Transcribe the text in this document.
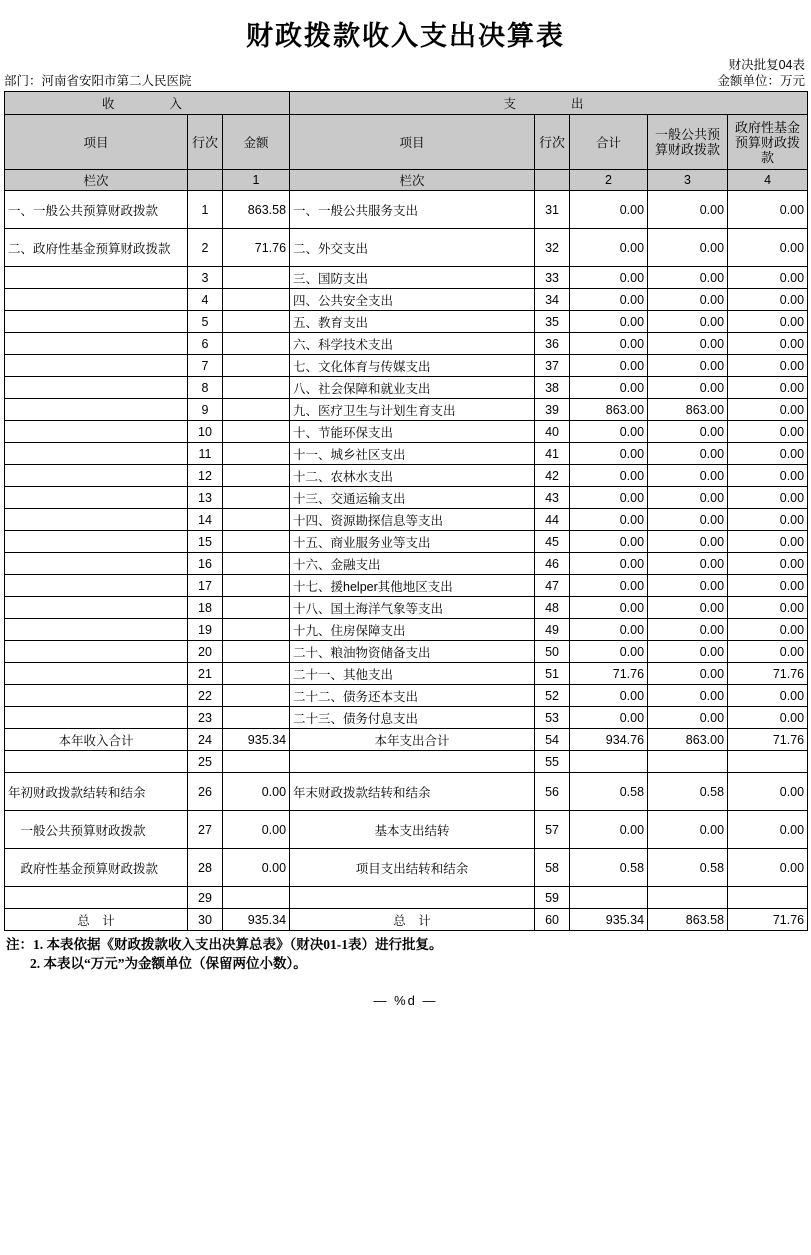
财政拨款收入支出决算表
财决批复04表
部门：河南省安阳市第二人民医院	金额单位：万元
收　　入			支　　出				
项目	行次	金额	项目	行次	合计	一般公共预算财政拨款	政府性基金预算财政拨款
栏次		1	栏次		2	3	4
一、一般公共预算财政拨款	1	863.58	一、一般公共服务支出	31	0.00	0.00	0.00
二、政府性基金预算财政拨款	2	71.76	二、外交支出	32	0.00	0.00	0.00
	3		三、国防支出	33	0.00	0.00	0.00
	4		四、公共安全支出	34	0.00	0.00	0.00
	5		五、教育支出	35	0.00	0.00	0.00
	6		六、科学技术支出	36	0.00	0.00	0.00
	7		七、文化体育与传媒支出	37	0.00	0.00	0.00
	8		八、社会保障和就业支出	38	0.00	0.00	0.00
	9		九、医疗卫生与计划生育支出	39	863.00	863.00	0.00
	10		十、节能环保支出	40	0.00	0.00	0.00
	11		十一、城乡社区支出	41	0.00	0.00	0.00
	12		十二、农林水支出	42	0.00	0.00	0.00
	13		十三、交通运输支出	43	0.00	0.00	0.00
	14		十四、资源勘探信息等支出	44	0.00	0.00	0.00
	15		十五、商业服务业等支出	45	0.00	0.00	0.00
	16		十六、金融支出	46	0.00	0.00	0.00
	17		十七、援helper其他地区支出	47	0.00	0.00	0.00
	18		十八、国土海洋气象等支出	48	0.00	0.00	0.00
	19		十九、住房保障支出	49	0.00	0.00	0.00
	20		二十、粮油物资储备支出	50	0.00	0.00	0.00
	21		二十一、其他支出	51	71.76	0.00	71.76
	22		二十二、债务还本支出	52	0.00	0.00	0.00
	23		二十三、债务付息支出	53	0.00	0.00	0.00
本年收入合计	24	935.34	本年支出合计	54	934.76	863.00	71.76
	25			55			
年初财政拨款结转和结余	26	0.00	年末财政拨款结转和结余	56	0.58	0.58	0.00
　一般公共预算财政拨款	27	0.00	基本支出结转	57	0.00	0.00	0.00
　政府性基金预算财政拨款	28	0.00	项目支出结转和结余	58	0.58	0.58	0.00
	29			59			
总　计	30	935.34	总　计	60	935.34	863.58	71.76
注：1. 本表依据《财政拨款收入支出决算总表》（财决01-1表）进行批复。
2. 本表以“万元”为金额单位（保留两位小数）。
— %d —
